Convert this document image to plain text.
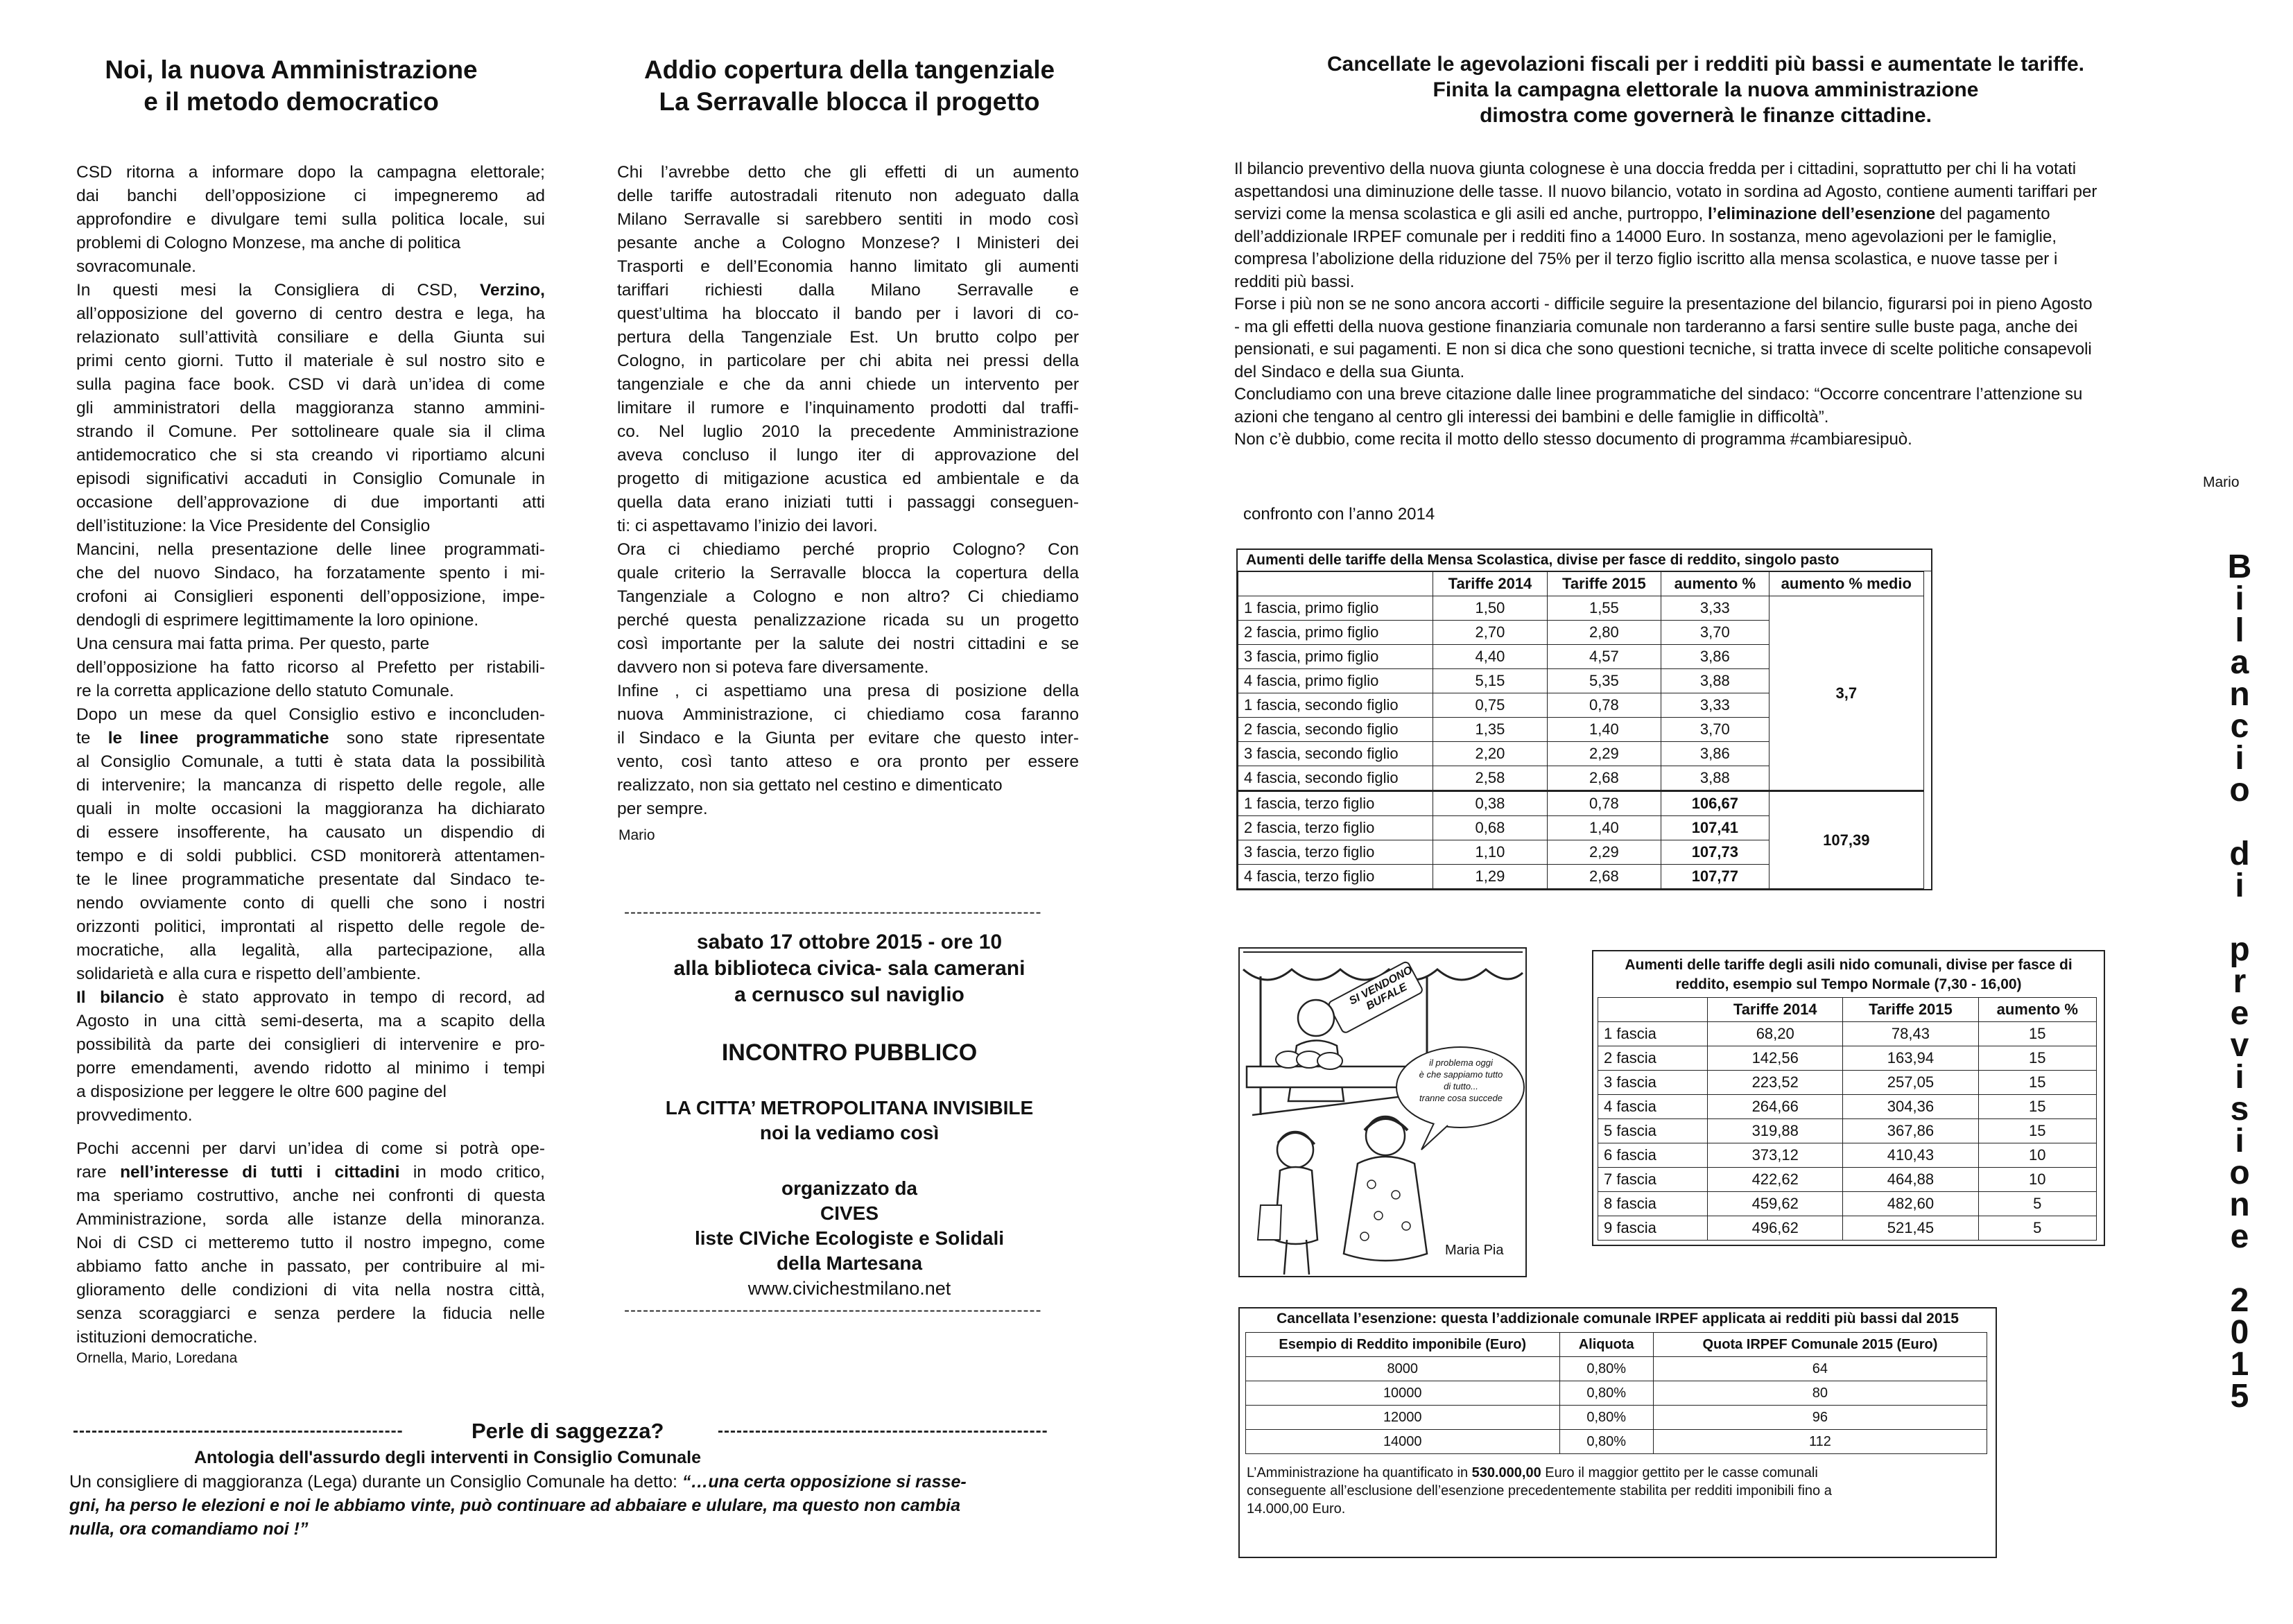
Noi, la nuova Amministrazione
e il metodo democratico
CSD ritorna a informare dopo la campagna elettorale;
dai banchi dell’opposizione ci impegneremo ad
approfondire e divulgare temi sulla politica locale, sui
problemi di Cologno Monzese, ma anche di politica
sovracomunale.
In questi mesi la Consigliera di CSD, Verzino,
all’opposizione del governo di centro destra e lega, ha
relazionato sull’attività consiliare e della Giunta sui
primi cento giorni. Tutto il materiale è sul nostro sito e
sulla pagina face book. CSD vi darà un’idea di come
gli amministratori della maggioranza stanno ammini-
strando il Comune. Per sottolineare quale sia il clima
antidemocratico che si sta creando vi riportiamo alcuni
episodi significativi accaduti in Consiglio Comunale in
occasione dell’approvazione di due importanti atti
dell’istituzione: la Vice Presidente del Consiglio
Mancini, nella presentazione delle linee programmati-
che del nuovo Sindaco, ha forzatamente spento i mi-
crofoni ai Consiglieri esponenti dell’opposizione, impe-
dendogli di esprimere legittimamente la loro opinione.
Una censura mai fatta prima. Per questo, parte
dell’opposizione ha fatto ricorso al Prefetto per ristabili-
re la corretta applicazione dello statuto Comunale.
Dopo un mese da quel Consiglio estivo e inconcluden-
te le linee programmatiche sono state ripresentate
al Consiglio Comunale, a tutti è stata data la possibilità
di intervenire; la mancanza di rispetto delle regole, alle
quali in molte occasioni la maggioranza ha dichiarato
di essere insofferente, ha causato un dispendio di
tempo e di soldi pubblici. CSD monitorerà attentamen-
te le linee programmatiche presentate dal Sindaco te-
nendo ovviamente conto di quelli che sono i nostri
orizzonti politici, improntati al rispetto delle regole de-
mocratiche, alla legalità, alla partecipazione, alla
solidarietà e alla cura e rispetto dell’ambiente.
Il bilancio è stato approvato in tempo di record, ad
Agosto in una città semi-deserta, ma a scapito della
possibilità da parte dei consiglieri di intervenire e pro-
porre emendamenti, avendo ridotto al minimo i tempi
a disposizione per leggere le oltre 600 pagine del
provvedimento.
Pochi accenni per darvi un’idea di come si potrà ope-
rare nell’interesse di tutti i cittadini in modo critico,
ma speriamo costruttivo, anche nei confronti di questa
Amministrazione, sorda alle istanze della minoranza.
Noi di CSD ci metteremo tutto il nostro impegno, come
abbiamo fatto anche in passato, per contribuire al mi-
glioramento delle condizioni di vita nella nostra città,
senza scoraggiarci e senza perdere la fiducia nelle
istituzioni democratiche.
Ornella, Mario, Loredana
Addio copertura della tangenziale
La Serravalle blocca il progetto
Chi l’avrebbe detto che gli effetti di un aumento
delle tariffe autostradali ritenuto non adeguato dalla
Milano Serravalle si sarebbero sentiti in modo così
pesante anche a Cologno Monzese? I Ministeri dei
Trasporti e dell’Economia hanno limitato gli aumenti
tariffari richiesti dalla Milano Serravalle e
quest’ultima ha bloccato il bando per i lavori di co-
pertura della Tangenziale Est. Un brutto colpo per
Cologno, in particolare per chi abita nei pressi della
tangenziale e che da anni chiede un intervento per
limitare il rumore e l’inquinamento prodotti dal traffi-
co. Nel luglio 2010 la precedente Amministrazione
aveva concluso il lungo iter di approvazione del
progetto di mitigazione acustica ed ambientale e da
quella data erano iniziati tutti i passaggi conseguen-
ti: ci aspettavamo l’inizio dei lavori.
Ora ci chiediamo perché proprio Cologno? Con
quale criterio la Serravalle blocca la copertura della
Tangenziale a Cologno e non altro? Ci chiediamo
perché questa penalizzazione ricada su un progetto
così importante per la salute dei nostri cittadini e se
davvero non si poteva fare diversamente.
Infine , ci aspettiamo una presa di posizione della
nuova Amministrazione, ci chiediamo cosa faranno
il Sindaco e la Giunta per evitare che questo inter-
vento, così tanto atteso e ora pronto per essere
realizzato, non sia gettato nel cestino e dimenticato
per sempre.
Mario
-------------------------------------------------------------------
sabato 17 ottobre 2015 - ore 10
alla biblioteca civica- sala camerani
a cernusco sul naviglio
INCONTRO PUBBLICO
LA CITTA’ METROPOLITANA INVISIBILE
noi la vediamo così
organizzato da
CIVES
liste CIViche Ecologiste e Solidali
della Martesana
www.civichestmilano.net
-------------------------------------------------------------------
-----------------------------------------------------	Perle di saggezza?	-----------------------------------------------------
Antologia dell'assurdo degli interventi in Consiglio Comunale
Un consigliere di maggioranza (Lega) durante un Consiglio Comunale ha detto: “…una certa opposizione si rasse-
gni, ha perso le elezioni e noi le abbiamo vinte, può continuare ad abbaiare e ululare, ma questo non cambia
nulla, ora comandiamo noi !”
Cancellate le agevolazioni fiscali per i redditi più bassi e aumentate le tariffe.
Finita la campagna elettorale la nuova amministrazione
dimostra come governerà le finanze cittadine.
Il bilancio preventivo della nuova giunta colognese è una doccia fredda per i cittadini, soprattutto per chi li ha votati
aspettandosi una diminuzione delle tasse. Il nuovo bilancio, votato in sordina ad Agosto, contiene aumenti tariffari per
servizi come la mensa scolastica e gli asili ed anche, purtroppo, l’eliminazione dell’esenzione del pagamento
dell’addizionale IRPEF comunale per i redditi fino a 14000 Euro. In sostanza, meno agevolazioni per le famiglie,
compresa l’abolizione della riduzione del 75% per il terzo figlio iscritto alla mensa scolastica, e nuove tasse per i
redditi più bassi.
Forse i più non se ne sono ancora accorti - difficile seguire la presentazione del bilancio, figurarsi poi in pieno Agosto
- ma gli effetti della nuova gestione finanziaria comunale non tarderanno a farsi sentire sulle buste paga, anche dei
pensionati, e sui pagamenti. E non si dica che sono questioni tecniche, si tratta invece di scelte politiche consapevoli
del Sindaco e della sua Giunta.
Concludiamo con una breve citazione dalle linee programmatiche del sindaco: “Occorre concentrare l’attenzione su
azioni che tengano al centro gli interessi dei bambini e delle famiglie in difficoltà”.
Non c’è dubbio, come recita il motto dello stesso documento di programma #cambiaresipuò.
Mario
confronto con l’anno 2014
B
i
l
a
n
c
i
o
d
i
p
r
e
v
i
s
i
o
n
e
2
0
1
5
Aumenti delle tariffe della Mensa Scolastica, divise per fasce di reddito, singolo pasto
	Tariffe 2014	Tariffe 2015	aumento %	aumento % medio
1 fascia, primo figlio	1,50	1,55	3,33	3,7
2 fascia, primo figlio	2,70	2,80	3,70	
3 fascia, primo figlio	4,40	4,57	3,86	
4 fascia, primo figlio	5,15	5,35	3,88	
1 fascia, secondo figlio	0,75	0,78	3,33	
2 fascia, secondo figlio	1,35	1,40	3,70	
3 fascia, secondo figlio	2,20	2,29	3,86	
4 fascia, secondo figlio	2,58	2,68	3,88	
1 fascia, terzo figlio	0,38	0,78	106,67	107,39
2 fascia, terzo figlio	0,68	1,40	107,41	
3 fascia, terzo figlio	1,10	2,29	107,73	
4 fascia, terzo figlio	1,29	2,68	107,77	
SI VENDONO BUFALE
il problema oggi
è che sappiamo tutto
di tutto...
tranne cosa succede
Maria Pia
Aumenti delle tariffe degli asili nido comunali, divise per fasce di reddito, esempio sul Tempo Normale (7,30 - 16,00)
	Tariffe 2014	Tariffe 2015	aumento %
1 fascia	68,20	78,43	15
2 fascia	142,56	163,94	15
3 fascia	223,52	257,05	15
4 fascia	264,66	304,36	15
5 fascia	319,88	367,86	15
6 fascia	373,12	410,43	10
7 fascia	422,62	464,88	10
8 fascia	459,62	482,60	5
9 fascia	496,62	521,45	5
Cancellata l’esenzione: questa l’addizionale comunale IRPEF applicata ai redditi più bassi dal 2015
Esempio di Reddito imponibile (Euro)	Aliquota	Quota IRPEF Comunale 2015 (Euro)
8000	0,80%	64
10000	0,80%	80
12000	0,80%	96
14000	0,80%	112
L’Amministrazione ha quantificato in 530.000,00 Euro il maggior gettito per le casse comunali
conseguente all’esclusione dell’esenzione precedentemente stabilita per redditi imponibili fino a
14.000,00 Euro.
